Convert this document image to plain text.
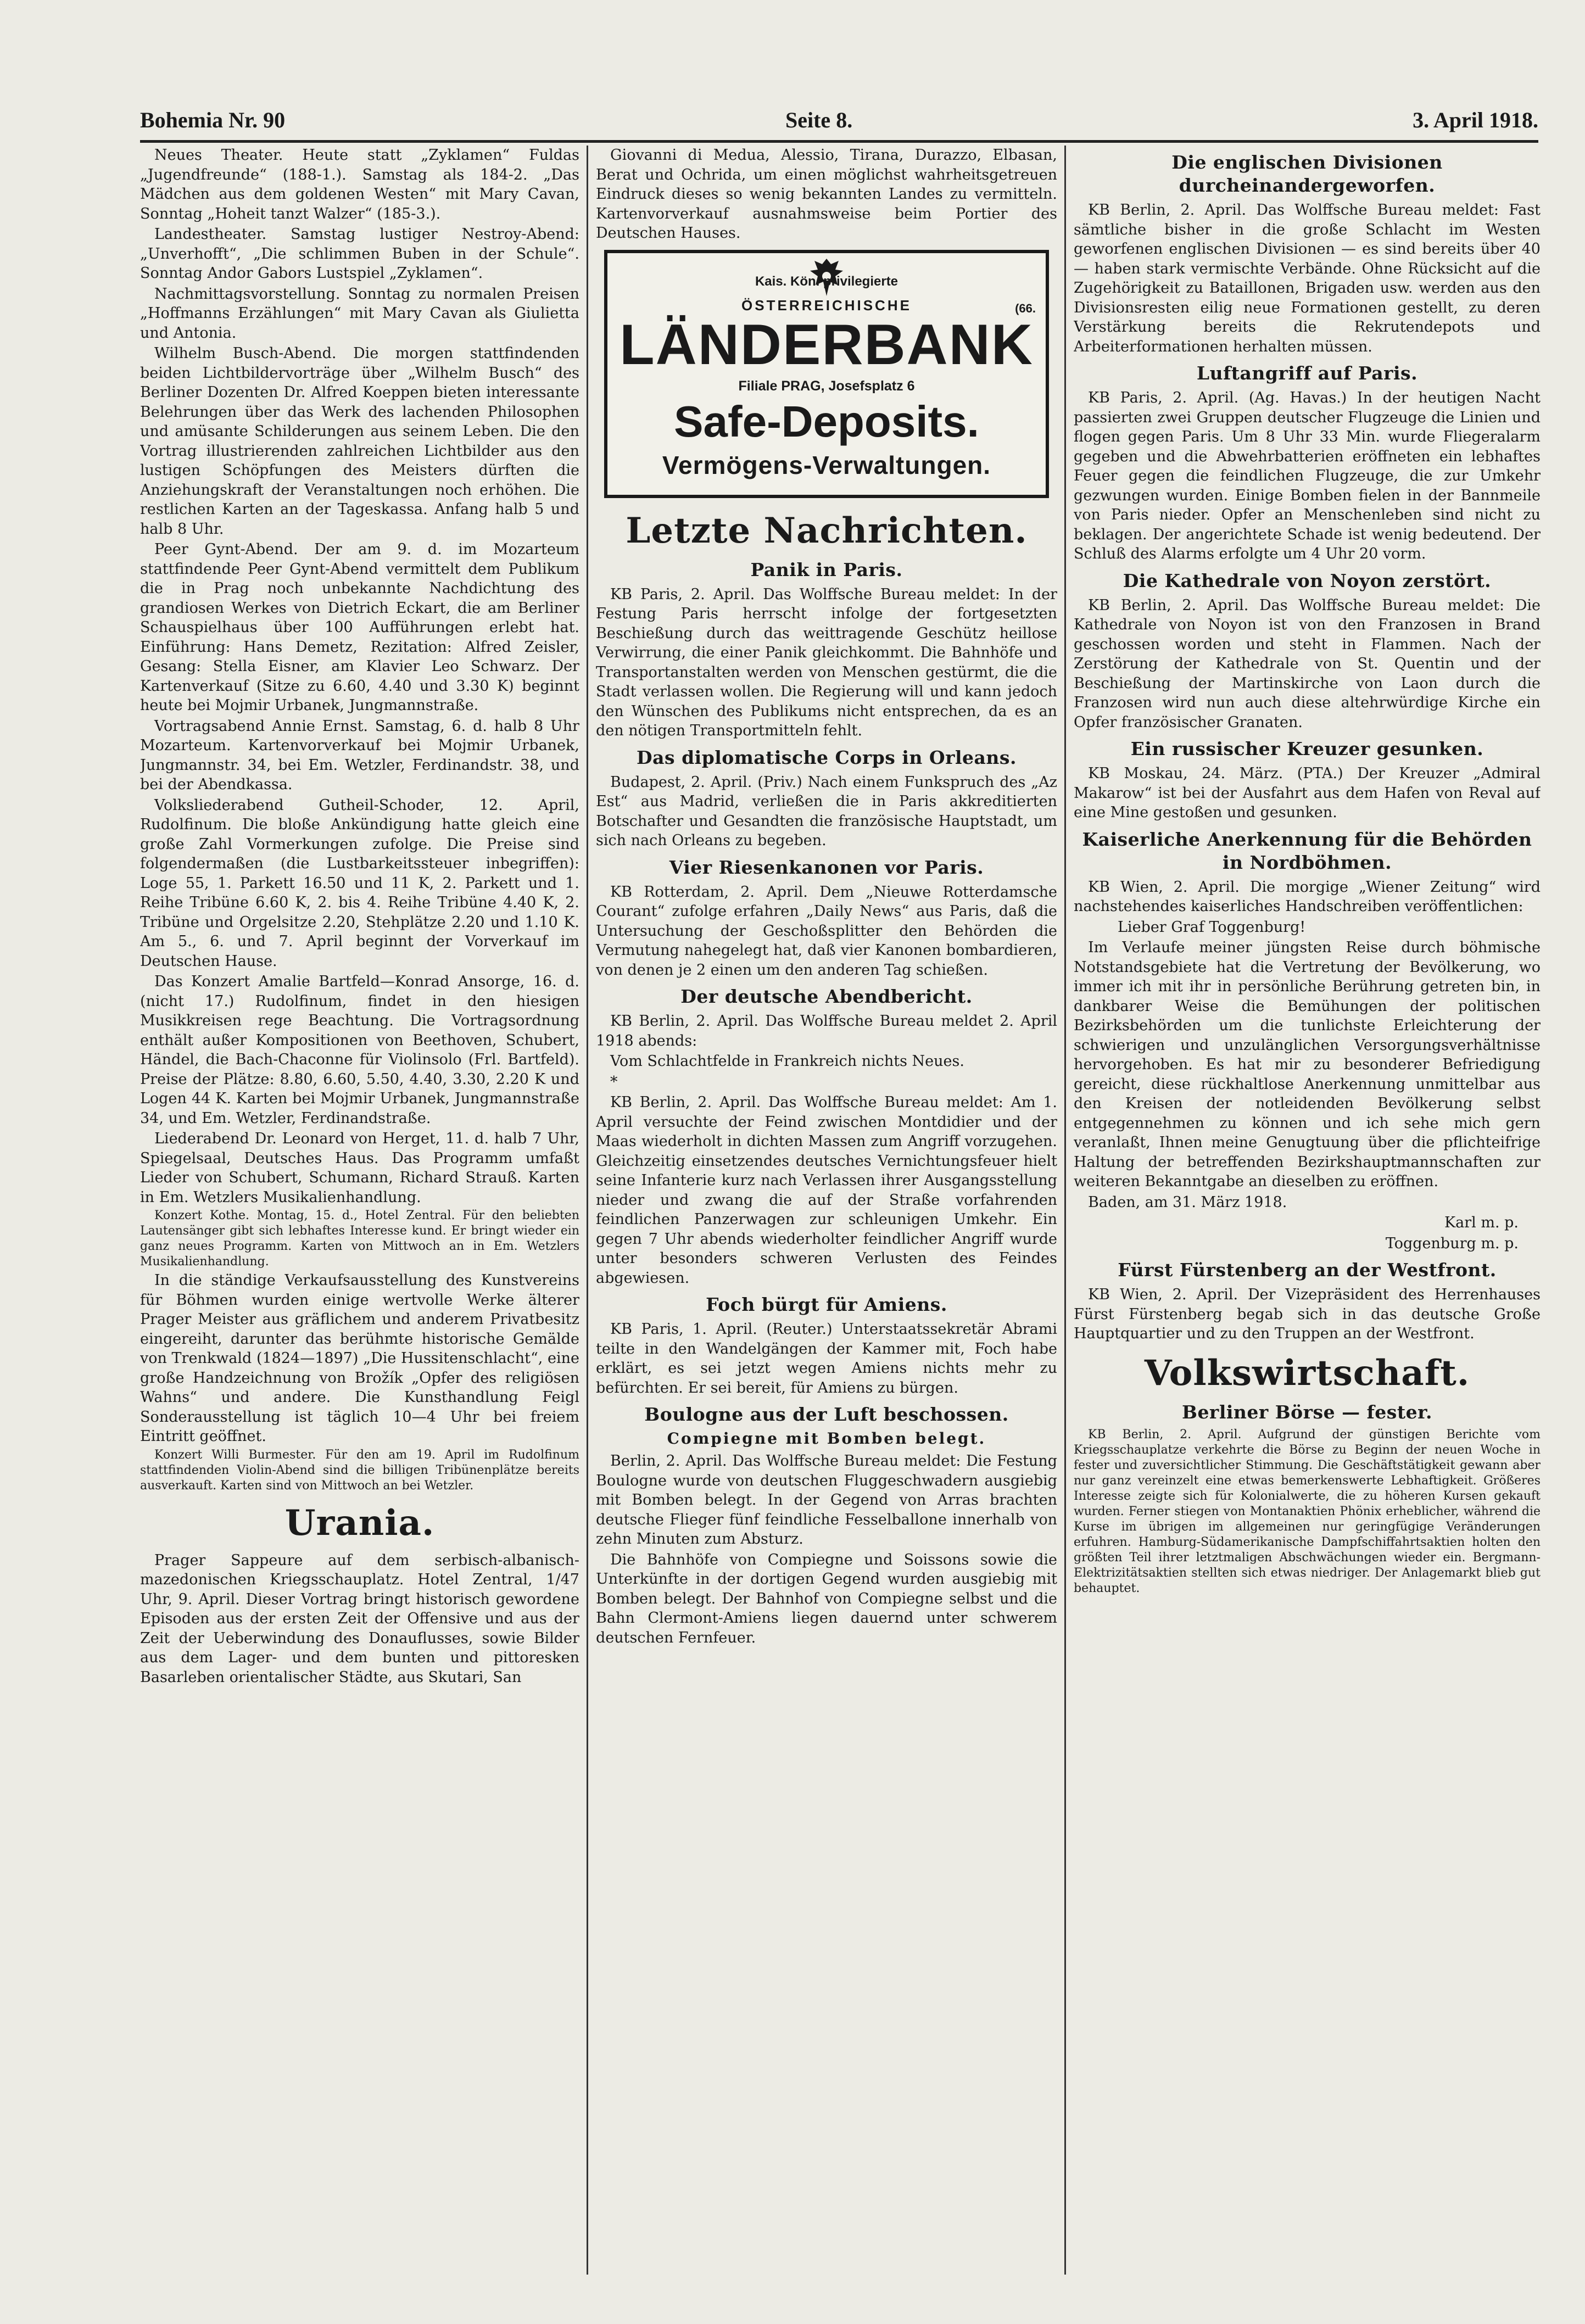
Bohemia Nr. 90	Seite 8.	3. April 1918.

Neues Theater. Heute statt „Zyklamen“ Fuldas „Jugendfreunde“ (188-1.). Samstag als 184-2. „Das Mädchen aus dem goldenen Westen“ mit Mary Cavan, Sonntag „Hoheit tanzt Walzer“ (185-3.).

Landestheater. Samstag lustiger Nestroy-Abend: „Unverhofft“, „Die schlimmen Buben in der Schule“. Sonntag Andor Gabors Lustspiel „Zyklamen“.

Nachmittagsvorstellung. Sonntag zu normalen Preisen „Hoffmanns Erzählungen“ mit Mary Cavan als Giulietta und Antonia.

Wilhelm Busch-Abend. Die morgen stattfindenden beiden Lichtbildervorträge über „Wilhelm Busch“ des Berliner Dozenten Dr. Alfred Koeppen bieten interessante Belehrungen über das Werk des lachenden Philosophen und amüsante Schilderungen aus seinem Leben. Die den Vortrag illustrierenden zahlreichen Lichtbilder aus den lustigen Schöpfungen des Meisters dürften die Anziehungskraft der Veranstaltungen noch erhöhen. Die restlichen Karten an der Tageskassa. Anfang halb 5 und halb 8 Uhr.

Peer Gynt-Abend. Der am 9. d. im Mozarteum stattfindende Peer Gynt-Abend vermittelt dem Publikum die in Prag noch unbekannte Nachdichtung des grandiosen Werkes von Dietrich Eckart, die am Berliner Schauspielhaus über 100 Aufführungen erlebt hat. Einführung: Hans Demetz, Rezitation: Alfred Zeisler, Gesang: Stella Eisner, am Klavier Leo Schwarz. Der Kartenverkauf (Sitze zu 6.60, 4.40 und 3.30 K) beginnt heute bei Mojmir Urbanek, Jungmannstraße.

Vortragsabend Annie Ernst. Samstag, 6. d. halb 8 Uhr Mozarteum. Kartenvorverkauf bei Mojmir Urbanek, Jungmannstr. 34, bei Em. Wetzler, Ferdinandstr. 38, und bei der Abendkassa.

Volksliederabend Gutheil-Schoder, 12. April, Rudolfinum. Die bloße Ankündigung hatte gleich eine große Zahl Vormerkungen zufolge. Die Preise sind folgendermaßen (die Lustbarkeitssteuer inbegriffen): Loge 55, 1. Parkett 16.50 und 11 K, 2. Parkett und 1. Reihe Tribüne 6.60 K, 2. bis 4. Reihe Tribüne 4.40 K, 2. Tribüne und Orgelsitze 2.20, Stehplätze 2.20 und 1.10 K. Am 5., 6. und 7. April beginnt der Vorverkauf im Deutschen Hause.

Das Konzert Amalie Bartfeld—Konrad Ansorge, 16. d. (nicht 17.) Rudolfinum, findet in den hiesigen Musikkreisen rege Beachtung. Die Vortragsordnung enthält außer Kompositionen von Beethoven, Schubert, Händel, die Bach-Chaconne für Violinsolo (Frl. Bartfeld). Preise der Plätze: 8.80, 6.60, 5.50, 4.40, 3.30, 2.20 K und Logen 44 K. Karten bei Mojmir Urbanek, Jungmannstraße 34, und Em. Wetzler, Ferdinandstraße.

Liederabend Dr. Leonard von Herget, 11. d. halb 7 Uhr, Spiegelsaal, Deutsches Haus. Das Programm umfaßt Lieder von Schubert, Schumann, Richard Strauß. Karten in Em. Wetzlers Musikalienhandlung.

Konzert Kothe. Montag, 15. d., Hotel Zentral. Für den beliebten Lautensänger gibt sich lebhaftes Interesse kund. Er bringt wieder ein ganz neues Programm. Karten von Mittwoch an in Em. Wetzlers Musikalienhandlung.

In die ständige Verkaufsausstellung des Kunstvereins für Böhmen wurden einige wertvolle Werke älterer Prager Meister aus gräflichem und anderem Privatbesitz eingereiht, darunter das berühmte historische Gemälde von Trenkwald (1824—1897) „Die Hussitenschlacht“, eine große Handzeichnung von Brožík „Opfer des religiösen Wahns“ und andere. Die Kunsthandlung Feigl Sonderausstellung ist täglich 10—4 Uhr bei freiem Eintritt geöffnet.

Konzert Willi Burmester. Für den am 19. April im Rudolfinum stattfindenden Violin-Abend sind die billigen Tribünenplätze bereits ausverkauft. Karten sind von Mittwoch an bei Wetzler.

Urania.

Prager Sappeure auf dem serbisch-albanisch-mazedonischen Kriegsschauplatz. Hotel Zentral, 1/47 Uhr, 9. April. Dieser Vortrag bringt historisch gewordene Episoden aus der ersten Zeit der Offensive und aus der Zeit der Ueberwindung des Donauflusses, sowie Bilder aus dem Lager- und dem bunten und pittoresken Basarleben orientalischer Städte, aus Skutari, San

Giovanni di Medua, Alessio, Tirana, Durazzo, Elbasan, Berat und Ochrida, um einen möglichst wahrheitsgetreuen Eindruck dieses so wenig bekannten Landes zu vermitteln. Kartenvorverkauf ausnahmsweise beim Portier des Deutschen Hauses.

Kais. Kön. privilegierte
ÖSTERREICHISCHE
LÄNDERBANK
Filiale PRAG, Josefsplatz 6
Safe-Deposits.
Vermögens-Verwaltungen.
(66.
Letzte Nachrichten.
Panik in Paris.

KB Paris, 2. April. Das Wolffsche Bureau meldet: In der Festung Paris herrscht infolge der fortgesetzten Beschießung durch das weittragende Geschütz heillose Verwirrung, die einer Panik gleichkommt. Die Bahnhöfe und Transportanstalten werden von Menschen gestürmt, die die Stadt verlassen wollen. Die Regierung will und kann jedoch den Wünschen des Publikums nicht entsprechen, da es an den nötigen Transportmitteln fehlt.

Das diplomatische Corps in Orleans.

Budapest, 2. April. (Priv.) Nach einem Funkspruch des „Az Est“ aus Madrid, verließen die in Paris akkreditierten Botschafter und Gesandten die französische Hauptstadt, um sich nach Orleans zu begeben.

Vier Riesenkanonen vor Paris.

KB Rotterdam, 2. April. Dem „Nieuwe Rotterdamsche Courant“ zufolge erfahren „Daily News“ aus Paris, daß die Untersuchung der Geschoßsplitter den Behörden die Vermutung nahegelegt hat, daß vier Kanonen bombardieren, von denen je 2 einen um den anderen Tag schießen.

Der deutsche Abendbericht.

KB Berlin, 2. April. Das Wolffsche Bureau meldet 2. April 1918 abends:

Vom Schlachtfelde in Frankreich nichts Neues.

*

KB Berlin, 2. April. Das Wolffsche Bureau meldet: Am 1. April versuchte der Feind zwischen Montdidier und der Maas wiederholt in dichten Massen zum Angriff vorzugehen. Gleichzeitig einsetzendes deutsches Vernichtungsfeuer hielt seine Infanterie kurz nach Verlassen ihrer Ausgangsstellung nieder und zwang die auf der Straße vorfahrenden feindlichen Panzerwagen zur schleunigen Umkehr. Ein gegen 7 Uhr abends wiederholter feindlicher Angriff wurde unter besonders schweren Verlusten des Feindes abgewiesen.

Foch bürgt für Amiens.

KB Paris, 1. April. (Reuter.) Unterstaatssekretär Abrami teilte in den Wandelgängen der Kammer mit, Foch habe erklärt, es sei jetzt wegen Amiens nichts mehr zu befürchten. Er sei bereit, für Amiens zu bürgen.

Boulogne aus der Luft beschossen.
Compiegne mit Bomben belegt.

Berlin, 2. April. Das Wolffsche Bureau meldet: Die Festung Boulogne wurde von deutschen Fluggeschwadern ausgiebig mit Bomben belegt. In der Gegend von Arras brachten deutsche Flieger fünf feindliche Fesselballone innerhalb von zehn Minuten zum Absturz.

Die Bahnhöfe von Compiegne und Soissons sowie die Unterkünfte in der dortigen Gegend wurden ausgiebig mit Bomben belegt. Der Bahnhof von Compiegne selbst und die Bahn Clermont-Amiens liegen dauernd unter schwerem deutschen Fernfeuer.

Die englischen Divisionen durcheinandergeworfen.

KB Berlin, 2. April. Das Wolffsche Bureau meldet: Fast sämtliche bisher in die große Schlacht im Westen geworfenen englischen Divisionen — es sind bereits über 40 — haben stark vermischte Verbände. Ohne Rücksicht auf die Zugehörigkeit zu Bataillonen, Brigaden usw. werden aus den Divisionsresten eilig neue Formationen gestellt, zu deren Verstärkung bereits die Rekrutendepots und Arbeiterformationen herhalten müssen.

Luftangriff auf Paris.

KB Paris, 2. April. (Ag. Havas.) In der heutigen Nacht passierten zwei Gruppen deutscher Flugzeuge die Linien und flogen gegen Paris. Um 8 Uhr 33 Min. wurde Fliegeralarm gegeben und die Abwehrbatterien eröffneten ein lebhaftes Feuer gegen die feindlichen Flugzeuge, die zur Umkehr gezwungen wurden. Einige Bomben fielen in der Bannmeile von Paris nieder. Opfer an Menschenleben sind nicht zu beklagen. Der angerichtete Schade ist wenig bedeutend. Der Schluß des Alarms erfolgte um 4 Uhr 20 vorm.

Die Kathedrale von Noyon zerstört.

KB Berlin, 2. April. Das Wolffsche Bureau meldet: Die Kathedrale von Noyon ist von den Franzosen in Brand geschossen worden und steht in Flammen. Nach der Zerstörung der Kathedrale von St. Quentin und der Beschießung der Martinskirche von Laon durch die Franzosen wird nun auch diese altehrwürdige Kirche ein Opfer französischer Granaten.

Ein russischer Kreuzer gesunken.

KB Moskau, 24. März. (PTA.) Der Kreuzer „Admiral Makarow“ ist bei der Ausfahrt aus dem Hafen von Reval auf eine Mine gestoßen und gesunken.

Kaiserliche Anerkennung für die Behörden in Nordböhmen.

KB Wien, 2. April. Die morgige „Wiener Zeitung“ wird nachstehendes kaiserliches Handschreiben veröffentlichen:

Lieber Graf Toggenburg!

Im Verlaufe meiner jüngsten Reise durch böhmische Notstandsgebiete hat die Vertretung der Bevölkerung, wo immer ich mit ihr in persönliche Berührung getreten bin, in dankbarer Weise die Bemühungen der politischen Bezirksbehörden um die tunlichste Erleichterung der schwierigen und unzulänglichen Versorgungsverhältnisse hervorgehoben. Es hat mir zu besonderer Befriedigung gereicht, diese rückhaltlose Anerkennung unmittelbar aus den Kreisen der notleidenden Bevölkerung selbst entgegennehmen zu können und ich sehe mich gern veranlaßt, Ihnen meine Genugtuung über die pflichteifrige Haltung der betreffenden Bezirkshauptmannschaften zur weiteren Bekanntgabe an dieselben zu eröffnen.

Baden, am 31. März 1918.

Karl m. p.

Toggenburg m. p.

Fürst Fürstenberg an der Westfront.

KB Wien, 2. April. Der Vizepräsident des Herrenhauses Fürst Fürstenberg begab sich in das deutsche Große Hauptquartier und zu den Truppen an der Westfront.

Volkswirtschaft.
Berliner Börse — fester.

KB Berlin, 2. April. Aufgrund der günstigen Berichte vom Kriegsschauplatze verkehrte die Börse zu Beginn der neuen Woche in fester und zuversichtlicher Stimmung. Die Geschäftstätigkeit gewann aber nur ganz vereinzelt eine etwas bemerkenswerte Lebhaftigkeit. Größeres Interesse zeigte sich für Kolonialwerte, die zu höheren Kursen gekauft wurden. Ferner stiegen von Montanaktien Phönix erheblicher, während die Kurse im übrigen im allgemeinen nur geringfügige Veränderungen erfuhren. Hamburg-Südamerikanische Dampfschiffahrtsaktien holten den größten Teil ihrer letztmaligen Abschwächungen wieder ein. Bergmann-Elektrizitätsaktien stellten sich etwas niedriger. Der Anlagemarkt blieb gut behauptet.
